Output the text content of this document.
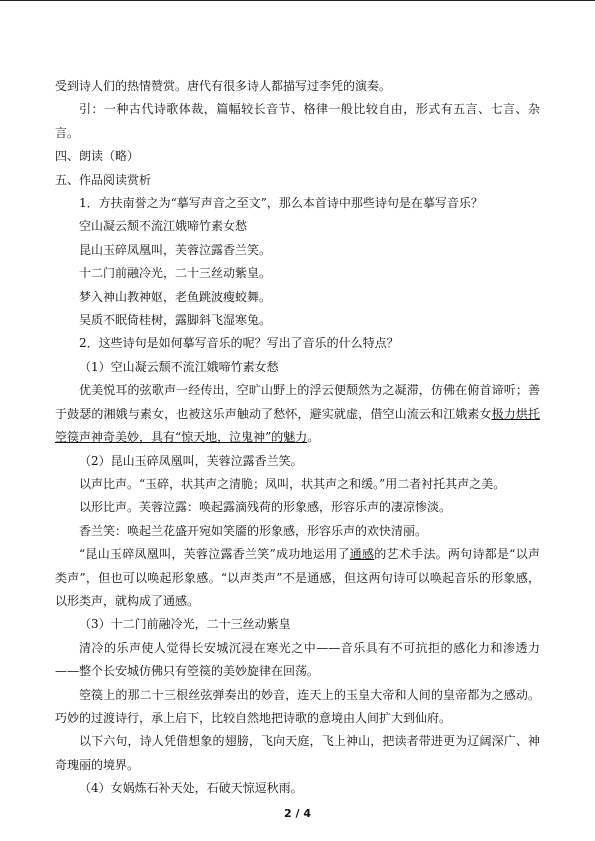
受到诗人们的热情赞赏。唐代有很多诗人都描写过李凭的演奏。

引：一种古代诗歌体裁，篇幅较长音节、格律一般比较自由，形式有五言、七言、杂言。

四、朗读（略）

五、作品阅读赏析

1．方扶南誉之为“摹写声音之至文”，那么本首诗中那些诗句是在摹写音乐？

空山凝云颓不流江娥啼竹素女愁

昆山玉碎凤凰叫，芙蓉泣露香兰笑。

十二门前融冷光，二十三丝动紫皇。

梦入神山教神妪，老鱼跳波瘦蛟舞。

吴质不眠倚桂树，露脚斜飞湿寒兔。

2．这些诗句是如何摹写音乐的呢？写出了音乐的什么特点？

（1）空山凝云颓不流江娥啼竹素女愁

优美悦耳的弦歌声一经传出，空旷山野上的浮云便颓然为之凝滞，仿佛在俯首谛听；善于鼓瑟的湘娥与素女，也被这乐声触动了愁怀，避实就虚，借空山流云和江娥素女极力烘托箜篌声神奇美妙，具有“惊天地，泣鬼神”的魅力。

（2）昆山玉碎凤凰叫，芙蓉泣露香兰笑。

以声比声。“玉碎，状其声之清脆；凤叫，状其声之和缓。”用二者衬托其声之美。

以形比声。芙蓉泣露：唤起露滴残荷的形象感，形容乐声的凄凉惨淡。

香兰笑：唤起兰花盛开宛如笑靥的形象感，形容乐声的欢快清丽。

“昆山玉碎凤凰叫，芙蓉泣露香兰笑”成功地运用了通感的艺术手法。两句诗都是“以声类声”，但也可以唤起形象感。“以声类声”不是通感，但这两句诗可以唤起音乐的形象感，以形类声，就构成了通感。

（3）十二门前融冷光，二十三丝动紫皇

清冷的乐声使人觉得长安城沉浸在寒光之中——音乐具有不可抗拒的感化力和渗透力——整个长安城仿佛只有箜篌的美妙旋律在回荡。

箜篌上的那二十三根丝弦弹奏出的妙音，连天上的玉皇大帝和人间的皇帝都为之感动。巧妙的过渡诗行，承上启下，比较自然地把诗歌的意境由人间扩大到仙府。

以下六句，诗人凭借想象的翅膀，飞向天庭，飞上神山，把读者带进更为辽阔深广、神奇瑰丽的境界。

（4）女娲炼石补天处，石破天惊逗秋雨。

2 / 4
